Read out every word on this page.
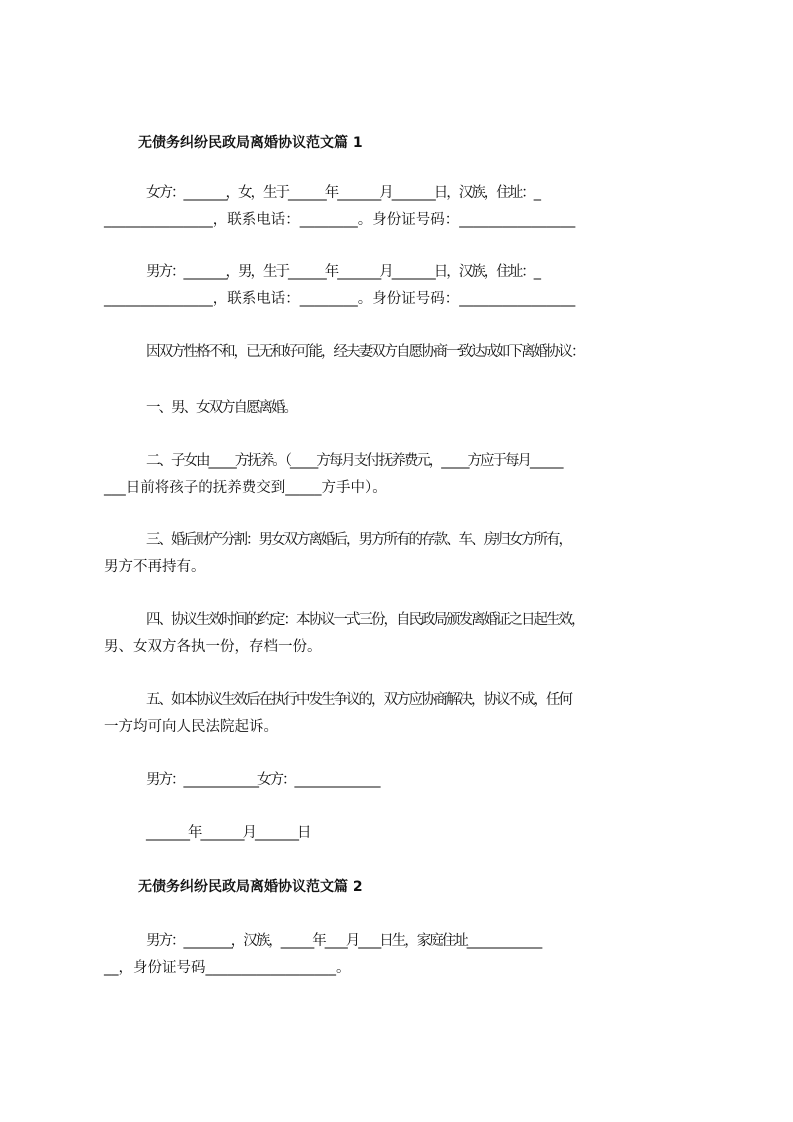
无债务纠纷民政局离婚协议范文篇 1
女方：________，女，生于_______年________月________日，汉族，住址：_
_______________，联系电话：________。身份证号码：________________
男方：________，男，生于_______年________月________日，汉族，住址：_
_______________，联系电话：________。身份证号码：________________
因双方性格不和，已无和好可能，经夫妻双方自愿协商一致达成如下离婚协议：
一、男、女双方自愿离婚。
二、子女由_____方抚养。（_____方每月支付抚养费元，_____方应于每月______
___日前将孩子的抚养费交到_____方手中）。
三、婚后财产分割：男女双方离婚后，男方所有的存款、车、房归女方所有，
男方不再持有。
四、协议生效时间的约定：本协议一式三份，自民政局颁发离婚证之日起生效，
男、女双方各执一份，存档一份。
五、如本协议生效后在执行中发生争议的，双方应协商解决，协议不成，任何
一方均可向人民法院起诉。
男方：______________女方：________________
________年________月________日
无债务纠纷民政局离婚协议范文篇 2
男方：_________，汉族，______年____月____日生，家庭住址______________
__，身份证号码__________________。
